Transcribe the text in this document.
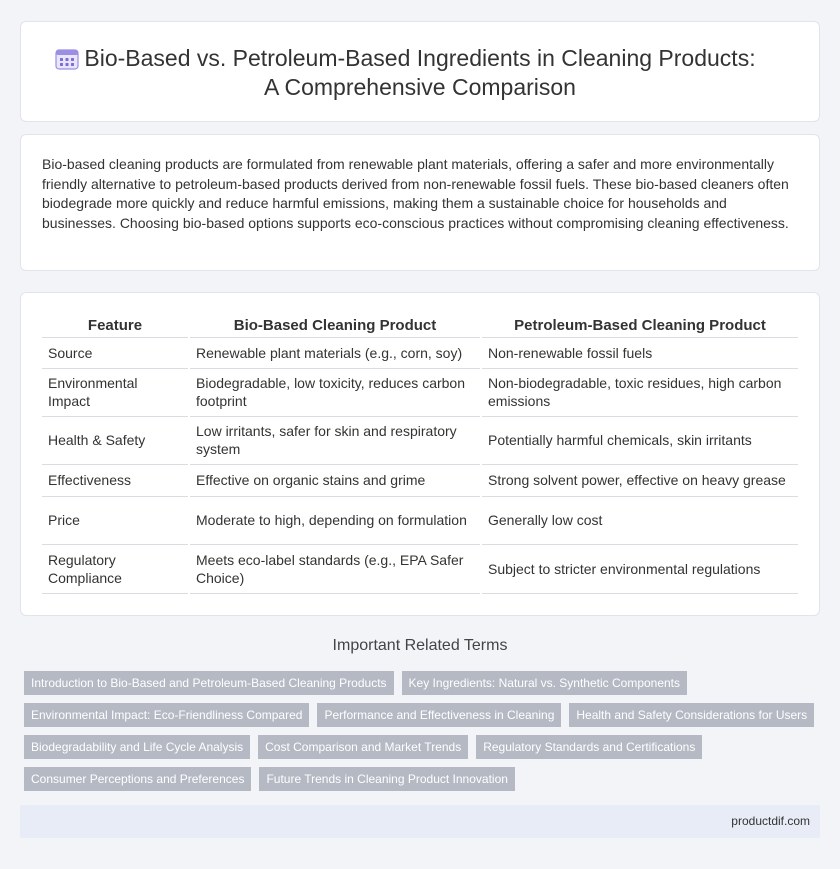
Bio-Based vs. Petroleum-Based Ingredients in Cleaning Products:
A Comprehensive Comparison

Bio-based cleaning products are formulated from renewable plant materials, offering a safer and more environmentally friendly alternative to petroleum-based products derived from non-renewable fossil fuels. These bio-based cleaners often biodegrade more quickly and reduce harmful emissions, making them a sustainable choice for households and businesses. Choosing bio-based options supports eco-conscious practices without compromising cleaning effectiveness.

Feature	Bio-Based Cleaning Product	Petroleum-Based Cleaning Product
Source	Renewable plant materials (e.g., corn, soy)	Non-renewable fossil fuels
Environmental Impact	Biodegradable, low toxicity, reduces carbon footprint	Non-biodegradable, toxic residues, high carbon emissions
Health & Safety	Low irritants, safer for skin and respiratory system	Potentially harmful chemicals, skin irritants
Effectiveness	Effective on organic stains and grime	Strong solvent power, effective on heavy grease
Price	Moderate to high, depending on formulation	Generally low cost
Regulatory Compliance	Meets eco-label standards (e.g., EPA Safer Choice)	Subject to stricter environmental regulations
Important Related Terms
Introduction to Bio-Based and Petroleum-Based Cleaning Products	Key Ingredients: Natural vs. Synthetic Components
Environmental Impact: Eco-Friendliness Compared	Performance and Effectiveness in Cleaning	Health and Safety Considerations for Users
Biodegradability and Life Cycle Analysis	Cost Comparison and Market Trends	Regulatory Standards and Certifications
Consumer Perceptions and Preferences	Future Trends in Cleaning Product Innovation
productdif.com
